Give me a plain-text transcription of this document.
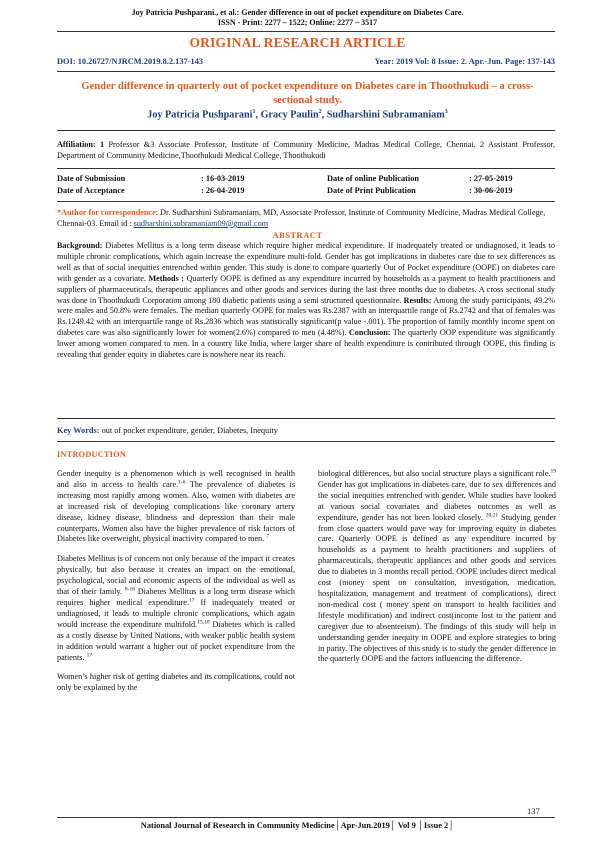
Joy Patricia Pushparani., et al.: Gender difference in out of pocket expenditure on Diabetes Care.
ISSN - Print: 2277 – 1522; Online: 2277 – 3517
ORIGINAL RESEARCH ARTICLE
DOI: 10.26727/NJRCM.2019.8.2.137-143	Year: 2019 Vol: 8 Issue: 2. Apr.-Jun. Page: 137-143
Gender difference in quarterly out of pocket expenditure on Diabetes care in Thoothukudi – a cross-sectional study.
Joy Patricia Pushparani$^1$, Gracy Paulin$^2$, Sudharshini Subramaniam$^3$
Affiliation: 1 Professor &3 Associate Professor, Institute of Community Medicine, Madras Medical College, Chennai. 2 Assistant Professor, Department of Community Medicine,Thoothukudi Medical College, Thoothukudi
Date of Submission	: 16-03-2019	Date of online Publication	: 27-05-2019
Date of Acceptance	: 26-04-2019	Date of Print Publication	: 30-06-2019
*Author for correspondence: Dr. Sudharshini Subramaniam, MD, Associate Professor, Institute of Community Medicine, Madras Medical College, Chennai-03. Email id : sudharshini.subramaniam09@gmail.com
ABSTRACT
Background: Diabetes Mellitus is a long term disease which require higher medical expenditure. If inadequately treated or undiagnosed, it leads to multiple chronic complications, which again increase the expenditure multi-fold. Gender has got implications in diabetes care due to sex differences as well as that of social inequities entrenched within gender. This study is done to compare quarterly Out of Pocket expenditure (OOPE) on diabetes care with gender as a covariate. Methods : Quarterly OOPE is defined as any expenditure incurred by households as a payment to health practitioners and suppliers of pharmaceuticals, therapeutic appliances and other goods and services during the last three months due to diabetes. A cross sectional study was done in Thoothukudi Corporation among 180 diabetic patients using a semi structured questionnaire. Results: Among the study participants, 49.2% were males and 50.8% were females. The median quarterly OOPE for males was Rs.2387 with an interquartile range of Rs.2742 and that of females was Rs.1249.42 with an interquartile range of Rs.2836 which was statistically significant(p value -.001). The proportion of family monthly income spent on diabetes care was also significantly lower for women(2.6%) compared to men (4.48%). Conclusion: The quarterly OOP expenditure was significantly lower among women compared to men. In a country like India, where larger share of health expenditure is contributed through OOPE, this finding is revealing that gender equity in diabetes care is nowhere near its reach.
Key Words: out of pocket expenditure, gender, Diabetes, Inequity
INTRODUCTION

Gender inequity is a phenomenon which is well recognised in health and also in access to health care.$^{1-6}$ The prevalence of diabetes is increasing most rapidly among women. Also, women with diabetes are at increased risk of developing complications like coronary artery disease, kidney disease, blindness and depression than their male counterparts. Women also have the higher prevalence of risk factors of Diabetes like overweight, physical inactivity compared to men. $^7$

Diabetes Mellitus is of concern not only because of the impact it creates physically, but also because it creates an impact on the emotional, psychological, social and economic aspects of the individual as well as that of their family. $^{8-16}$ Diabetes Mellitus is a long term disease which requires higher medical expenditure.$^{17}$ If inadequately treated or undiagnosed, it leads to multiple chronic complications, which again would increase the expenditure multifold.$^{15,18}$ Diabetes which is called as a costly disease by United Nations, with weaker public health system in addition would warrant a higher out of pocket expenditure from the patients. $^{17}$

Women’s higher risk of getting diabetes and its complications, could not only be explained by the

biological differences, but also social structure plays a significant role.$^{19}$ Gender has got implications in diabetes care, due to sex differences and the social inequities entrenched with gender. While studies have looked at various social covariates and diabetes outcomes as well as expenditure, gender has not been looked closely. $^{20,21}$ Studying gender from close quarters would pave way for improving equity in diabetes care. Quarterly OOPE is defined as any expenditure incurred by households as a payment to health practitioners and suppliers of pharmaceuticals, therapeutic appliances and other goods and services due to diabetes in 3 months recall period. OOPE includes direct medical cost (money spent on consultation, investigation, medication, hospitalization, management and treatment of complications), direct non-medical cost ( money spent on transport to health facilities and lifestyle modification) and indirect cost(income lost to the patient and caregiver due to absenteeism). The findings of this study will help in understanding gender inequity in OOPE and explore strategies to bring in parity. The objectives of this study is to study the gender difference in the quarterly OOPE and the factors influencing the difference.

137
National Journal of Research in Community Medicine│Apr-Jun.2019│ Vol 9 │Issue 2│
